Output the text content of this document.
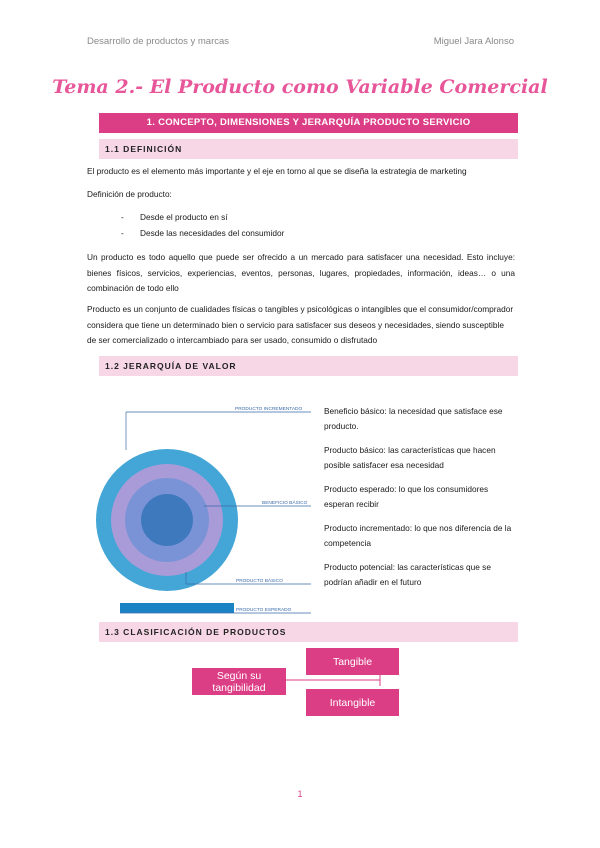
Desarrollo de productos y marcas	Miguel Jara Alonso
Tema 2.- El Producto como Variable Comercial
1. CONCEPTO, DIMENSIONES Y JERARQUÍA PRODUCTO SERVICIO
1.1 DEFINICIÓN
El producto es el elemento más importante y el eje en torno al que se diseña la estrategia de marketing
Definición de producto:
- Desde el producto en sí
- Desde las necesidades del consumidor
Un producto es todo aquello que puede ser ofrecido a un mercado para satisfacer una necesidad. Esto incluye: bienes físicos, servicios, experiencias, eventos, personas, lugares, propiedades, información, ideas… o una combinación de todo ello
Producto es un conjunto de cualidades físicas o tangibles y psicológicas o intangibles que el consumidor/comprador considera que tiene un determinado bien o servicio para satisfacer sus deseos y necesidades, siendo susceptible de ser comercializado o intercambiado para ser usado, consumido o disfrutado
1.2 JERARQUÍA DE VALOR
PRODUCTO INCREMENTADO
BENEFICIO BÁSICO
PRODUCTO BÁSICO
PRODUCTO ESPERADO
Beneficio básico: la necesidad que satisface ese producto.
Producto básico: las características que hacen posible satisfacer esa necesidad
Producto esperado: lo que los consumidores esperan recibir
Producto incrementado: lo que nos diferencia de la competencia
Producto potencial: las características que se podrían añadir en el futuro
1.3 CLASIFICACIÓN DE PRODUCTOS
Según su tangibilidad
Tangible
Intangible
1
